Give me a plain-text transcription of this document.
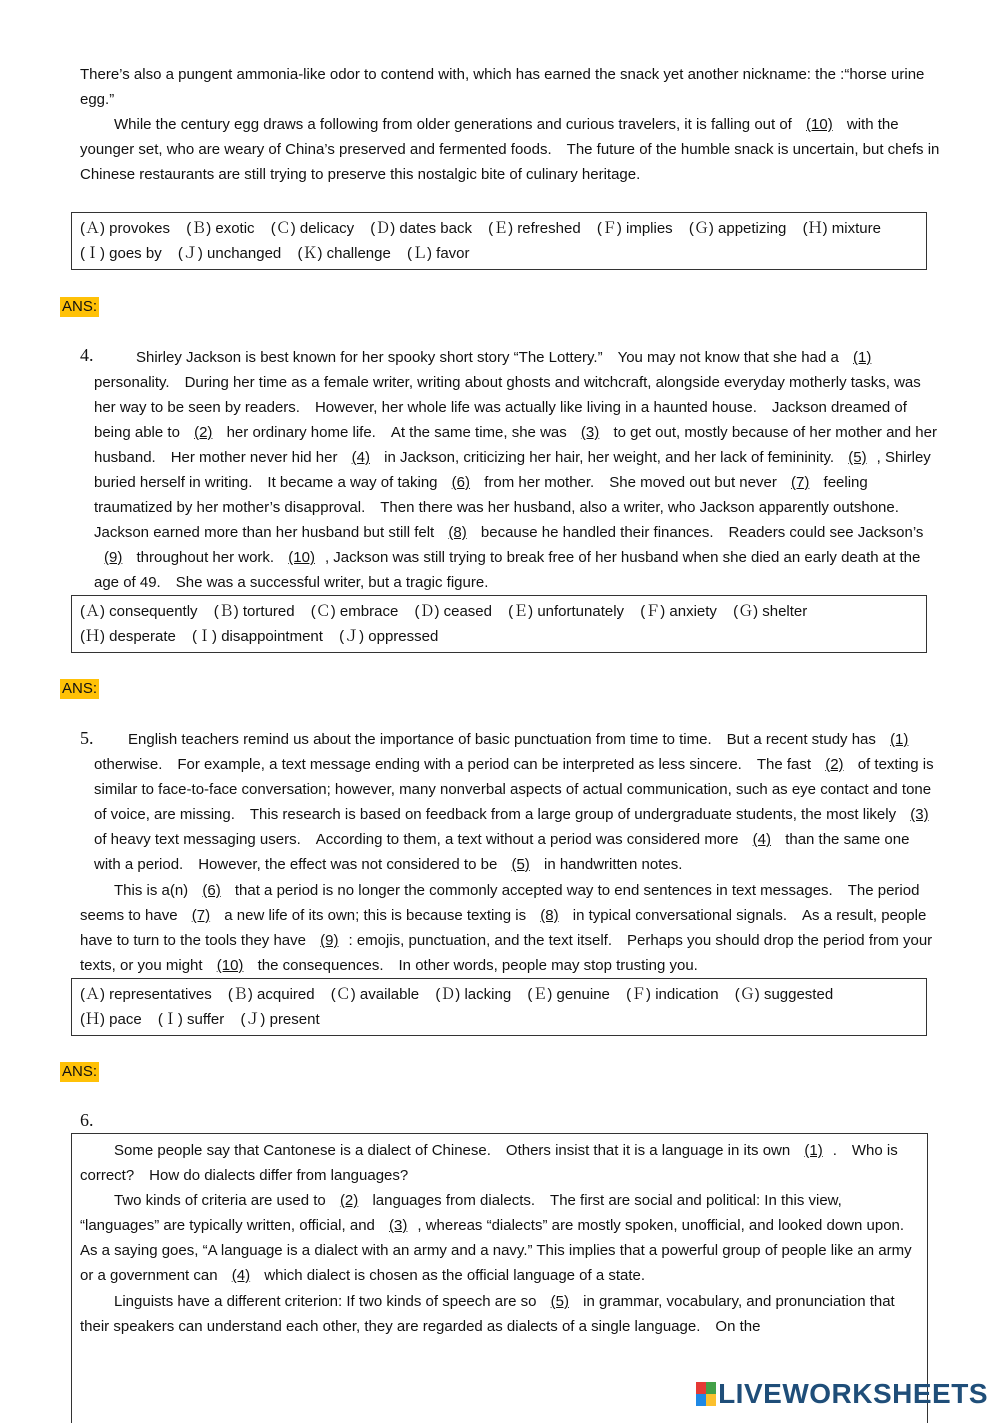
There’s also a pungent ammonia-like odor to contend with, which has earned the snack yet another nickname: the :“horse urine egg.”

While the century egg draws a following from older generations and curious travelers, it is falling out of (10) with the younger set, who are weary of China’s preserved and fermented foods.　The future of the humble snack is uncertain, but chefs in Chinese restaurants are still trying to preserve this nostalgic bite of culinary heritage.

(Ａ) provokes (Ｂ) exotic (Ｃ) delicacy (Ｄ) dates back (Ｅ) refreshed (Ｆ) implies (Ｇ) appetizing (Ｈ) mixture (Ｉ) goes by (Ｊ) unchanged (Ｋ) challenge (Ｌ) favor
ANS:
4.	Shirley Jackson is best known for her spooky short story “The Lottery.”　You may not know that she had a (1) personality.　During her time as a female writer, writing about ghosts and witchcraft, alongside everyday motherly tasks, was her way to be seen by readers.　However, her whole life was actually like living in a haunted house.　Jackson dreamed of being able to (2) her ordinary home life.　At the same time, she was (3) to get out, mostly because of her mother and her husband.　Her mother never hid her (4) in Jackson, criticizing her hair, her weight, and her lack of femininity. (5) , Shirley buried herself in writing.　It became a way of taking (6) from her mother.　She moved out but never (7) feeling traumatized by her mother’s disapproval.　Then there was her husband, also a writer, who Jackson apparently outshone.　Jackson earned more than her husband but still felt (8) because he handled their finances.　Readers could see Jackson’s (9) throughout her work. (10) , Jackson was still trying to break free of her husband when she died an early death at the age of 49.　She was a successful writer, but a tragic figure.

(Ａ) consequently (Ｂ) tortured (Ｃ) embrace (Ｄ) ceased (Ｅ) unfortunately (Ｆ) anxiety (Ｇ) shelter (Ｈ) desperate (Ｉ) disappointment (Ｊ) oppressed
ANS:
5.	English teachers remind us about the importance of basic punctuation from time to time.　But a recent study has (1) otherwise.　For example, a text message ending with a period can be interpreted as less sincere.　The fast (2) of texting is similar to face-to-face conversation; however, many nonverbal aspects of actual communication, such as eye contact and tone of voice, are missing.　This research is based on feedback from a large group of undergraduate students, the most likely (3) of heavy text messaging users.　According to them, a text without a period was considered more (4) than the same one with a period.　However, the effect was not considered to be (5) in handwritten notes.

This is a(n) (6) that a period is no longer the commonly accepted way to end sentences in text messages.　The period seems to have (7) a new life of its own; this is because texting is (8) in typical conversational signals.　As a result, people have to turn to the tools they have (9) : emojis, punctuation, and the text itself.　Perhaps you should drop the period from your texts, or you might (10) the consequences.　In other words, people may stop trusting you.

(Ａ) representatives (Ｂ) acquired (Ｃ) available (Ｄ) lacking (Ｅ) genuine (Ｆ) indication (Ｇ) suggested (Ｈ) pace (Ｉ) suffer (Ｊ) present
ANS:
6.

Some people say that Cantonese is a dialect of Chinese.　Others insist that it is a language in its own (1) .　Who is correct?　How do dialects differ from languages?

Two kinds of criteria are used to (2) languages from dialects.　The first are social and political: In this view, “languages” are typically written, official, and (3) , whereas “dialects” are mostly spoken, unofficial, and looked down upon.　As a saying goes, “A language is a dialect with an army and a navy.” This implies that a powerful group of people like an army or a government can (4) which dialect is chosen as the official language of a state.

Linguists have a different criterion: If two kinds of speech are so (5) in grammar, vocabulary, and pronunciation that their speakers can understand each other, they are regarded as dialects of a single language.　On the

LIVEWORKSHEETS
